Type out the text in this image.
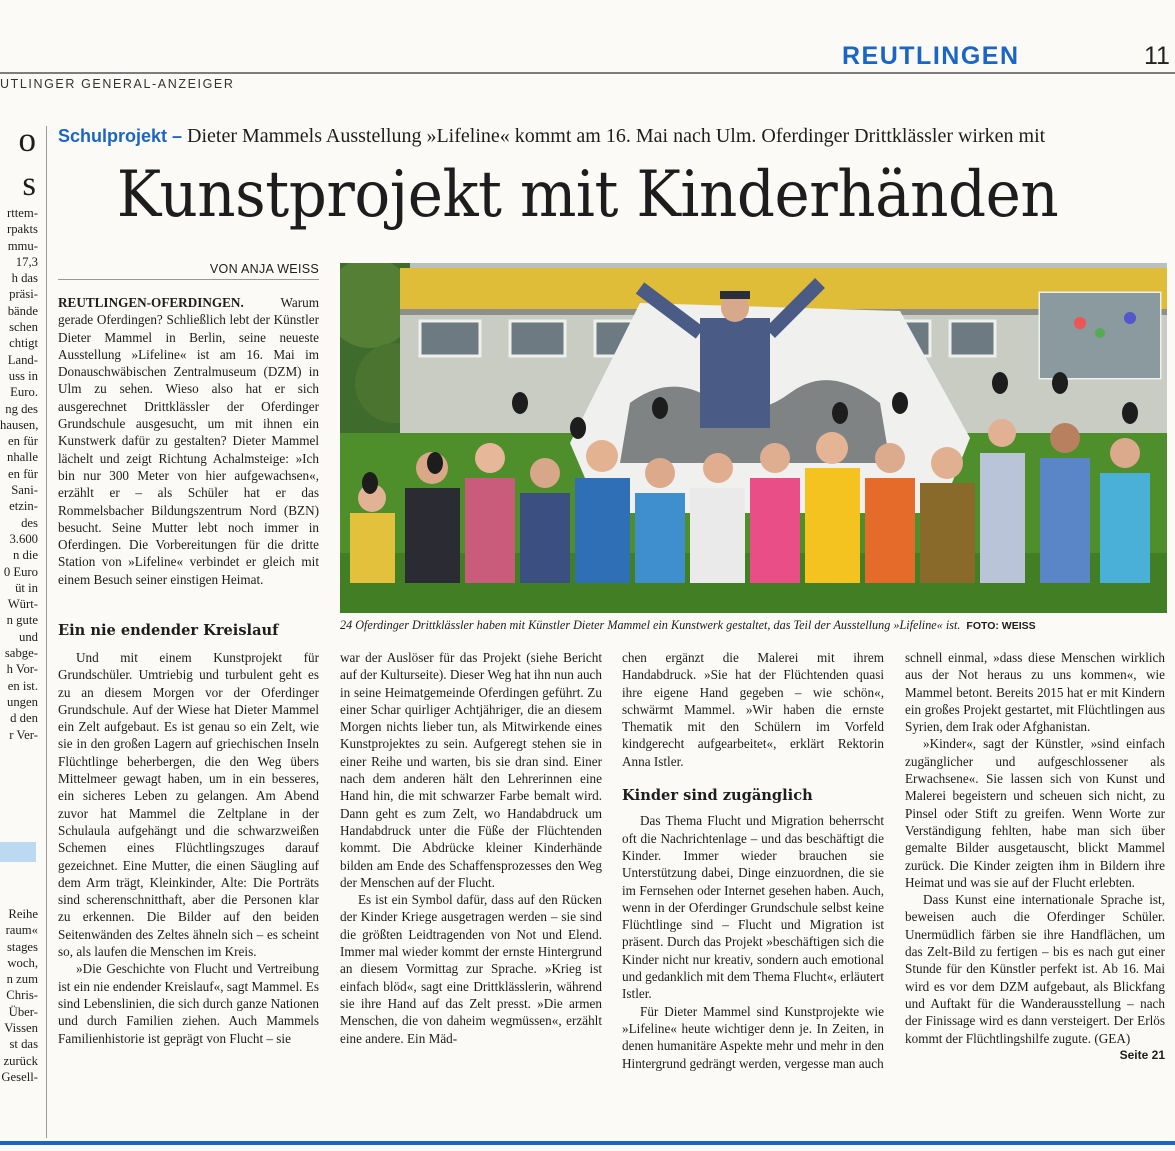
REUTLINGEN	11
UTLINGER GENERAL-ANZEIGER
o
s
rttem-
rpakts
mmu-
17,3
h das
präsi-
bände
schen
chtigt
Land-
uss in
Euro.
ng des
hausen,
en für
nhalle
en für
Sani-
etzin-
des
3.600
n die
0 Euro
üt in
Würt-
n gute
und
sabge-
h Vor-
en ist.
ungen
d den
r Ver-
Reihe
raum«
stages
woch,
n zum
Chris-
Über-
Vissen
st das
zurück
Gesell-
Schulprojekt – Dieter Mammels Ausstellung »Lifeline« kommt am 16. Mai nach Ulm. Oferdinger Drittklässler wirken mit
Kunstprojekt mit Kinderhänden
VON ANJA WEISS

REUTLINGEN-OFERDINGEN.	Warum gerade Oferdingen? Schließlich lebt der Künstler Dieter Mammel in Berlin, seine neueste Ausstellung »Lifeline« ist am 16. Mai im Donauschwäbischen Zentralmuseum (DZM) in Ulm zu sehen. Wieso also hat er sich ausgerechnet Drittklässler der Oferdinger Grundschule ausgesucht, um mit ihnen ein Kunstwerk dafür zu gestalten? Dieter Mammel lächelt und zeigt Richtung Achalmsteige: »Ich bin nur 300 Meter von hier aufgewachsen«, erzählt er – als Schüler hat er das Rommelsbacher Bildungszentrum Nord (BZN) besucht. Seine Mutter lebt noch immer in Oferdingen. Die Vorbereitungen für die dritte Station von »Lifeline« verbindet er gleich mit einem Besuch seiner einstigen Heimat.

Ein nie endender Kreislauf	24 Oferdinger Drittklässler haben mit Künstler Dieter Mammel ein Kunstwerk gestaltet, das Teil der Ausstellung »Lifeline« ist. FOTO: WEISS

Und mit einem Kunstprojekt für Grundschüler. Umtriebig und turbulent geht es zu an diesem Morgen vor der Oferdinger Grundschule. Auf der Wiese hat Dieter Mammel ein Zelt aufgebaut. Es ist genau so ein Zelt, wie sie in den großen Lagern auf griechischen Inseln Flüchtlinge beherbergen, die den Weg übers Mittelmeer gewagt haben, um in ein besseres, ein sicheres Leben zu gelangen. Am Abend zuvor hat Mammel die Zeltplane in der Schulaula aufgehängt und die schwarzweißen Schemen eines Flüchtlingszuges darauf gezeichnet. Eine Mutter, die einen Säugling auf dem Arm trägt, Kleinkinder, Alte: Die Porträts sind scherenschnitthaft, aber die Personen klar zu erkennen. Die Bilder auf den beiden Seitenwänden des Zeltes ähneln sich – es scheint so, als laufen die Menschen im Kreis.

»Die Geschichte von Flucht und Vertreibung ist ein nie endender Kreislauf«, sagt Mammel. Es sind Lebenslinien, die sich durch ganze Nationen und durch Familien ziehen. Auch Mammels Familienhistorie ist geprägt von Flucht – sie

war der Auslöser für das Projekt (siehe Bericht auf der Kulturseite). Dieser Weg hat ihn nun auch in seine Heimatgemeinde Oferdingen geführt. Zu einer Schar quirliger Achtjähriger, die an diesem Morgen nichts lieber tun, als Mitwirkende eines Kunstprojektes zu sein. Aufgeregt stehen sie in einer Reihe und warten, bis sie dran sind. Einer nach dem anderen hält den Lehrerinnen eine Hand hin, die mit schwarzer Farbe bemalt wird. Dann geht es zum Zelt, wo Handabdruck um Handabdruck unter die Füße der Flüchtenden kommt. Die Abdrücke kleiner Kinderhände bilden am Ende des Schaffensprozesses den Weg der Menschen auf der Flucht.

Es ist ein Symbol dafür, dass auf den Rücken der Kinder Kriege ausgetragen werden – sie sind die größten Leidtragenden von Not und Elend. Immer mal wieder kommt der ernste Hintergrund an diesem Vormittag zur Sprache. »Krieg ist einfach blöd«, sagt eine Drittklässlerin, während sie ihre Hand auf das Zelt presst. »Die armen Menschen, die von daheim wegmüssen«, erzählt eine andere. Ein Mäd-

chen ergänzt die Malerei mit ihrem Handabdruck. »Sie hat der Flüchtenden quasi ihre eigene Hand gegeben – wie schön«, schwärmt Mammel. »Wir haben die ernste Thematik mit den Schülern im Vorfeld kindgerecht aufgearbeitet«, erklärt Rektorin Anna Istler.

Kinder sind zugänglich

Das Thema Flucht und Migration beherrscht oft die Nachrichtenlage – und das beschäftigt die Kinder. Immer wieder brauchen sie Unterstützung dabei, Dinge einzuordnen, die sie im Fernsehen oder Internet gesehen haben. Auch, wenn in der Oferdinger Grundschule selbst keine Flüchtlinge sind – Flucht und Migration ist präsent. Durch das Projekt »beschäftigen sich die Kinder nicht nur kreativ, sondern auch emotional und gedanklich mit dem Thema Flucht«, erläutert Istler.

Für Dieter Mammel sind Kunstprojekte wie »Lifeline« heute wichtiger denn je. In Zeiten, in denen humanitäre Aspekte mehr und mehr in den Hintergrund gedrängt werden, vergesse man auch

schnell einmal, »dass diese Menschen wirklich aus der Not heraus zu uns kommen«, wie Mammel betont. Bereits 2015 hat er mit Kindern ein großes Projekt gestartet, mit Flüchtlingen aus Syrien, dem Irak oder Afghanistan.

»Kinder«, sagt der Künstler, »sind einfach zugänglicher und aufgeschlossener als Erwachsene«. Sie lassen sich von Kunst und Malerei begeistern und scheuen sich nicht, zu Pinsel oder Stift zu greifen. Wenn Worte zur Verständigung fehlten, habe man sich über gemalte Bilder ausgetauscht, blickt Mammel zurück. Die Kinder zeigten ihm in Bildern ihre Heimat und was sie auf der Flucht erlebten.

Dass Kunst eine internationale Sprache ist, beweisen auch die Oferdinger Schüler. Unermüdlich färben sie ihre Handflächen, um das Zelt-Bild zu fertigen – bis es nach gut einer Stunde für den Künstler perfekt ist. Ab 16. Mai wird es vor dem DZM aufgebaut, als Blickfang und Auftakt für die Wanderausstellung – nach der Finissage wird es dann versteigert. Der Erlös kommt der Flüchtlingshilfe zugute. (GEA)

Seite 21
